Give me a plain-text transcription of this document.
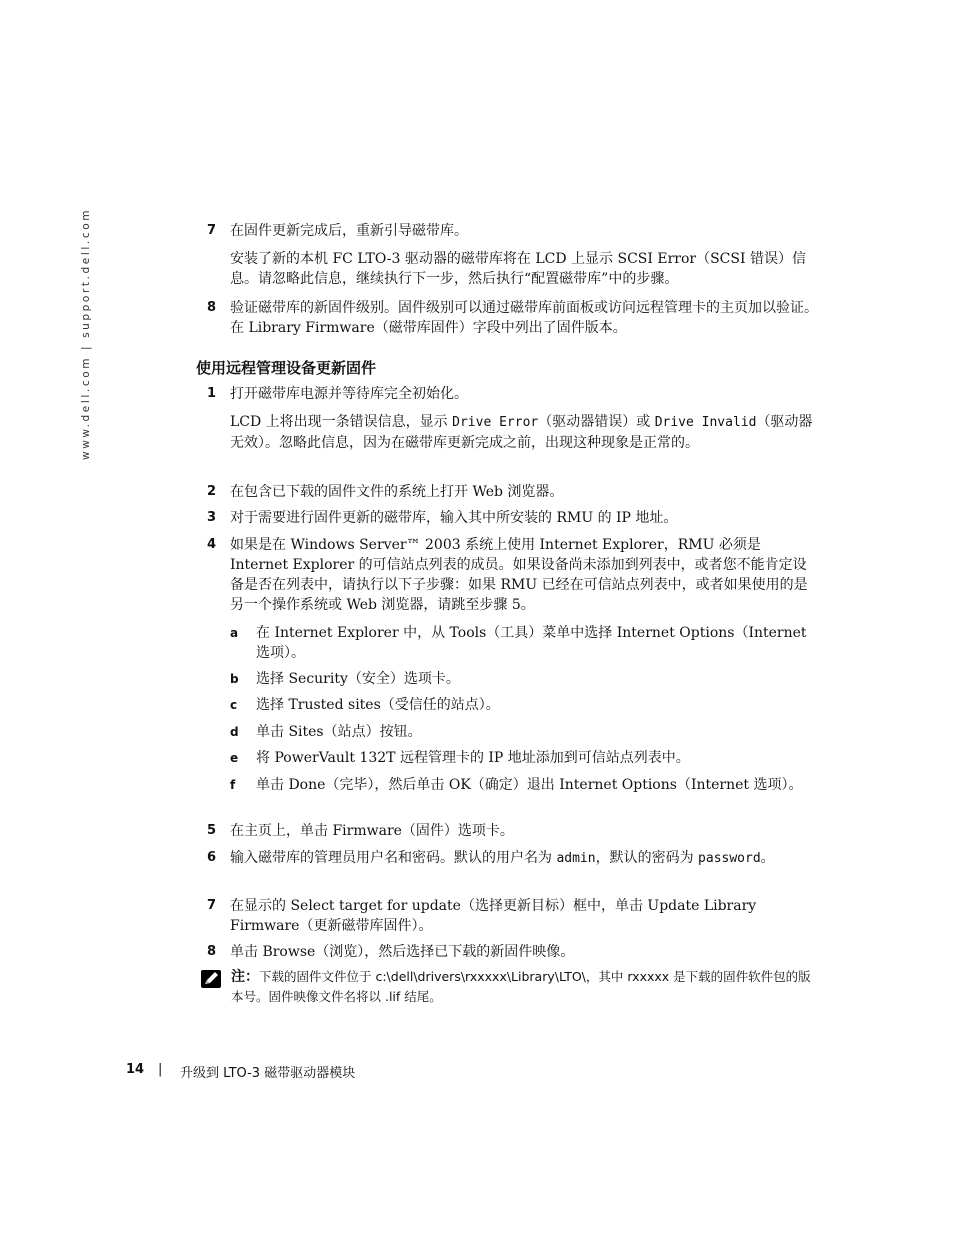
www.dell.com | support.dell.com	7 在固件更新完成后，重新引导磁带库。

安装了新的本机 FC LTO-3 驱动器的磁带库将在 LCD 上显示 SCSI Error（SCSI 错误）信息。请忽略此信息，继续执行下一步，然后执行“配置磁带库”中的步骤。

8 验证磁带库的新固件级别。固件级别可以通过磁带库前面板或访问远程管理卡的主页加以验证。在 Library Firmware（磁带库固件）字段中列出了固件版本。

使用远程管理设备更新固件
1 打开磁带库电源并等待库完全初始化。

LCD 上将出现一条错误信息，显示 Drive Error（驱动器错误）或 Drive Invalid（驱动器无效）。忽略此信息，因为在磁带库更新完成之前，出现这种现象是正常的。

2 在包含已下载的固件文件的系统上打开 Web 浏览器。

3 对于需要进行固件更新的磁带库，输入其中所安装的 RMU 的 IP 地址。

4 如果是在 Windows Server™ 2003 系统上使用 Internet Explorer，RMU 必须是 Internet Explorer 的可信站点列表的成员。如果设备尚未添加到列表中，或者您不能肯定设备是否在列表中，请执行以下子步骤：如果 RMU 已经在可信站点列表中，或者如果使用的是另一个操作系统或 Web 浏览器，请跳至步骤 5。

a 在 Internet Explorer 中，从 Tools（工具）菜单中选择 Internet Options（Internet 选项）。
b 选择 Security（安全）选项卡。
c 选择 Trusted sites（受信任的站点）。
d 单击 Sites（站点）按钮。
e 将 PowerVault 132T 远程管理卡的 IP 地址添加到可信站点列表中。
f 单击 Done（完毕），然后单击 OK（确定）退出 Internet Options（Internet 选项）。
5 在主页上，单击 Firmware（固件）选项卡。

6 输入磁带库的管理员用户名和密码。默认的用户名为 admin，默认的密码为 password。

7 在显示的 Select target for update（选择更新目标）框中，单击 Update Library Firmware（更新磁带库固件）。

8 单击 Browse（浏览），然后选择已下载的新固件映像。

注：下载的固件文件位于 c:\dell\drivers\rxxxxx\Library\LTO\，其中 rxxxxx 是下载的固件软件包的版本号。固件映像文件名将以 .lif 结尾。
14 | 升级到 LTO-3 磁带驱动器模块
